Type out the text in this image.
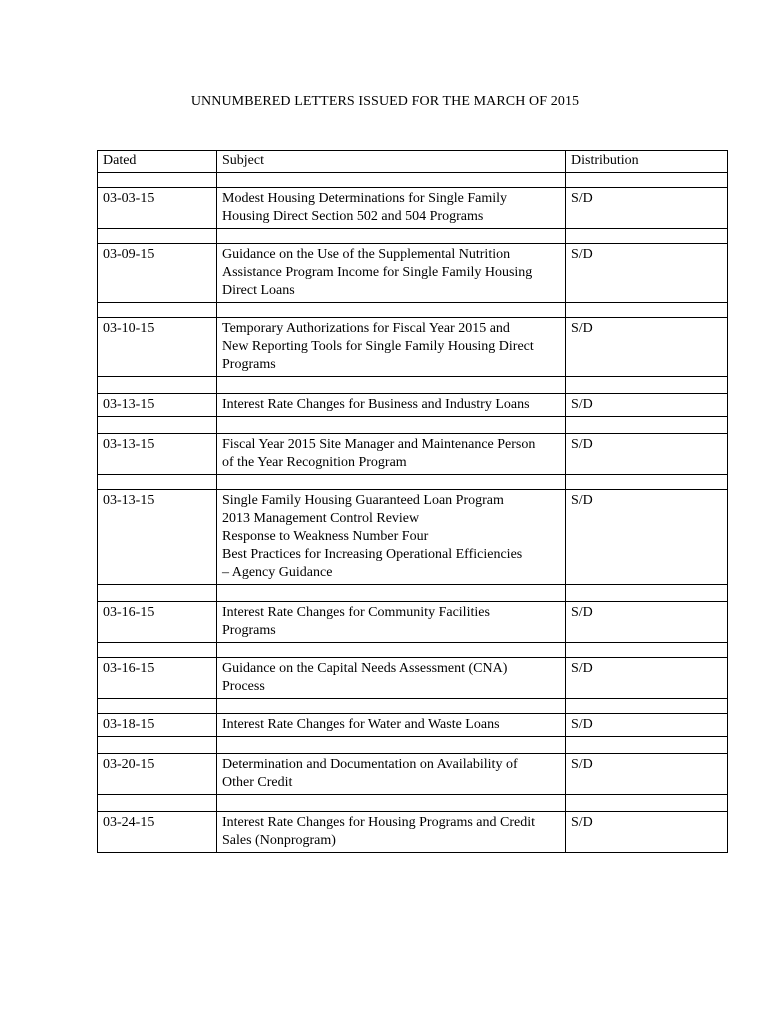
UNNUMBERED LETTERS ISSUED FOR THE MARCH OF 2015
Dated	Subject	Distribution

03-03-15	Modest Housing Determinations for Single Family
Housing Direct Section 502 and 504 Programs	S/D

03-09-15	Guidance on the Use of the Supplemental Nutrition
Assistance Program Income for Single Family Housing
Direct Loans	S/D

03-10-15	Temporary Authorizations for Fiscal Year 2015 and
New Reporting Tools for Single Family Housing Direct
Programs	S/D

03-13-15	Interest Rate Changes for Business and Industry Loans	S/D

03-13-15	Fiscal Year 2015 Site Manager and Maintenance Person
of the Year Recognition Program	S/D

03-13-15	Single Family Housing Guaranteed Loan Program
2013 Management Control Review
Response to Weakness Number Four
Best Practices for Increasing Operational Efficiencies
– Agency Guidance	S/D

03-16-15	Interest Rate Changes for Community Facilities
Programs	S/D

03-16-15	Guidance on the Capital Needs Assessment (CNA)
Process	S/D

03-18-15	Interest Rate Changes for Water and Waste Loans	S/D

03-20-15	Determination and Documentation on Availability of
Other Credit	S/D

03-24-15	Interest Rate Changes for Housing Programs and Credit
Sales (Nonprogram)	S/D
